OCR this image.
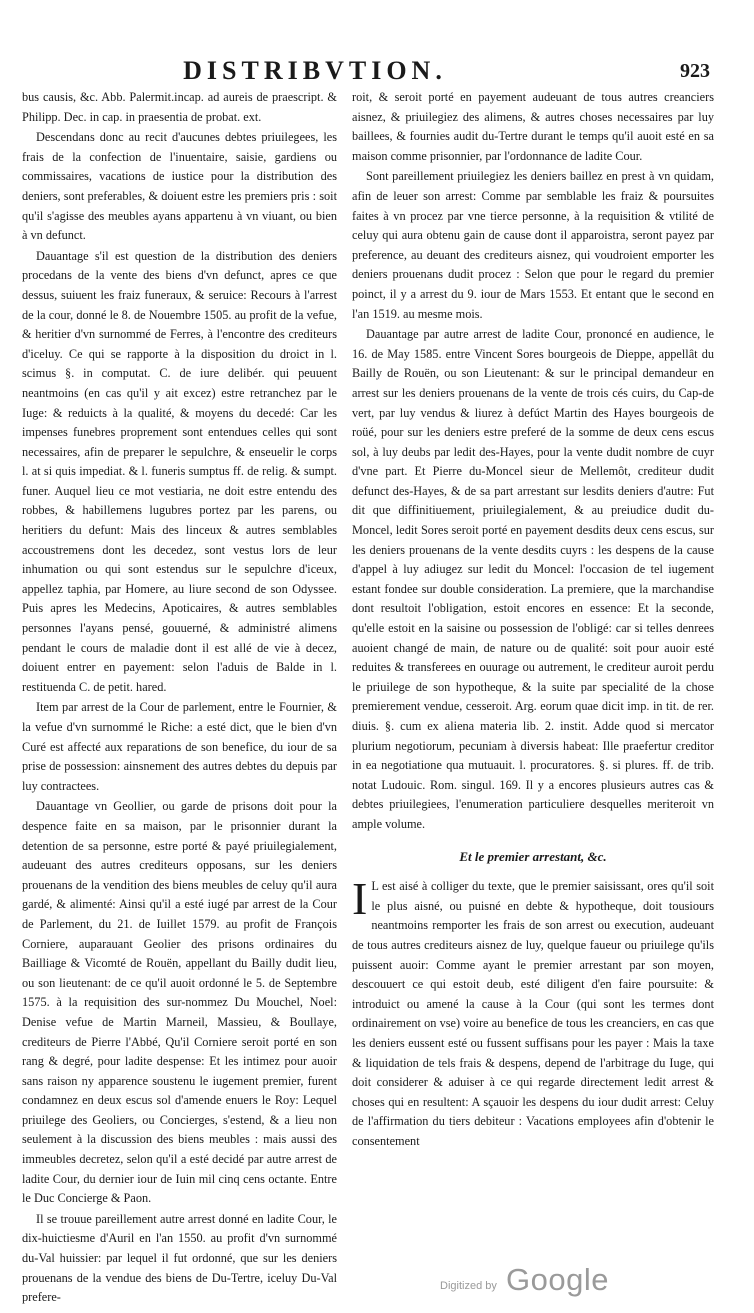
DISTRIBVTION.	923

bus causis, &c. Abb. Palermit.incap. ad aureis de praescript. & Philipp. Dec. in cap. in praesentia de probat. ext.

Descendans donc au recit d'aucunes debtes priuilegees, les frais de la confection de l'inuentaire, saisie, gardiens ou commissaires, vacations de iustice pour la distribution des deniers, sont preferables, & doiuent estre les premiers pris : soit qu'il s'agisse des meubles ayans appartenu à vn viuant, ou bien à vn defunct.

Dauantage s'il est question de la distribution des deniers procedans de la vente des biens d'vn defunct, apres ce que dessus, suiuent les fraiz funeraux, & seruice: Recours à l'arrest de la cour, donné le 8. de Nouembre 1505. au profit de la vefue, & heritier d'vn surnommé de Ferres, à l'encontre des crediteurs d'iceluy. Ce qui se rapporte à la disposition du droict in l. scimus §. in computat. C. de iure delibér. qui peuuent neantmoins (en cas qu'il y ait excez) estre retranchez par le Iuge: & reduicts à la qualité, & moyens du decedé: Car les impenses funebres proprement sont entendues celles qui sont necessaires, afin de preparer le sepulchre, & enseuelir le corps l. at si quis impediat. & l. funeris sumptus ff. de relig. & sumpt. funer. Auquel lieu ce mot vestiaria, ne doit estre entendu des robbes, & habillemens lugubres portez par les parens, ou heritiers du defunt: Mais des linceux & autres semblables accoustremens dont les decedez, sont vestus lors de leur inhumation ou qui sont estendus sur le sepulchre d'iceux, appellez taphia, par Homere, au liure second de son Odyssee. Puis apres les Medecins, Apoticaires, & autres semblables personnes l'ayans pensé, gouuerné, & administré alimens pendant le cours de maladie dont il est allé de vie à decez, doiuent entrer en payement: selon l'aduis de Balde in l. restituenda C. de petit. hared.

Item par arrest de la Cour de parlement, entre le Fournier, & la vefue d'vn surnommé le Riche: a esté dict, que le bien d'vn Curé est affecté aux reparations de son benefice, du iour de sa prise de possession: ainsnement des autres debtes du depuis par luy contractees.

Dauantage vn Geollier, ou garde de prisons doit pour la despence faite en sa maison, par le prisonnier durant la detention de sa personne, estre porté & payé priuilegialement, audeuant des autres crediteurs opposans, sur les deniers prouenans de la vendition des biens meubles de celuy qu'il aura gardé, & alimenté: Ainsi qu'il a esté iugé par arrest de la Cour de Parlement, du 21. de Iuillet 1579. au profit de François Corniere, auparauant Geolier des prisons ordinaires du Bailliage & Vicomté de Rouën, appellant du Bailly dudit lieu, ou son lieutenant: de ce qu'il auoit ordonné le 5. de Septembre 1575. à la requisition des sur-nommez Du Mouchel, Noel: Denise vefue de Martin Marneil, Massieu, & Boullaye, crediteurs de Pierre l'Abbé, Qu'il Corniere seroit porté en son rang & degré, pour ladite despense: Et les intimez pour auoir sans raison ny apparence soustenu le iugement premier, furent condamnez en deux escus sol d'amende enuers le Roy: Lequel priuilege des Geoliers, ou Concierges, s'estend, & a lieu non seulement à la discussion des biens meubles : mais aussi des immeubles decretez, selon qu'il a esté decidé par autre arrest de ladite Cour, du dernier iour de Iuin mil cinq cens octante. Entre le Duc Concierge & Paon.

Il se trouue pareillement autre arrest donné en ladite Cour, le dix-huictiesme d'Auril en l'an 1550. au profit d'vn surnommé du-Val huissier: par lequel il fut ordonné, que sur les deniers prouenans de la vendue des biens de Du-Tertre, iceluy Du-Val prefere-

roit, & seroit porté en payement audeuant de tous autres creanciers aisnez, & priuilegiez des alimens, & autres choses necessaires par luy baillees, & fournies audit du-Tertre durant le temps qu'il auoit esté en sa maison comme prisonnier, par l'ordonnance de ladite Cour.

Sont pareillement priuilegiez les deniers baillez en prest à vn quidam, afin de leuer son arrest: Comme par semblable les fraiz & poursuites faites à vn procez par vne tierce personne, à la requisition & vtilité de celuy qui aura obtenu gain de cause dont il apparoistra, seront payez par preference, au deuant des crediteurs aisnez, qui voudroient emporter les deniers prouenans dudit procez : Selon que pour le regard du premier poinct, il y a arrest du 9. iour de Mars 1553. Et entant que le second en l'an 1519. au mesme mois.

Dauantage par autre arrest de ladite Cour, prononcé en audience, le 16. de May 1585. entre Vincent Sores bourgeois de Dieppe, appellât du Bailly de Rouën, ou son Lieutenant: & sur le principal demandeur en arrest sur les deniers prouenans de la vente de trois cés cuirs, du Cap-de vert, par luy vendus & liurez à defúct Martin des Hayes bourgeois de roüé, pour sur les deniers estre preferé de la somme de deux cens escus sol, à luy deubs par ledit des-Hayes, pour la vente dudit nombre de cuyr d'vne part. Et Pierre du-Moncel sieur de Mellemôt, crediteur dudit defunct des-Hayes, & de sa part arrestant sur lesdits deniers d'autre: Fut dit que diffinitiuement, priuilegialement, & au preiudice dudit du-Moncel, ledit Sores seroit porté en payement desdits deux cens escus, sur les deniers prouenans de la vente desdits cuyrs : les despens de la cause d'appel à luy adiugez sur ledit du Moncel: l'occasion de tel iugement estant fondee sur double consideration. La premiere, que la marchandise dont resultoit l'obligation, estoit encores en essence: Et la seconde, qu'elle estoit en la saisine ou possession de l'obligé: car si telles denrees auoient changé de main, de nature ou de qualité: soit pour auoir esté reduites & transferees en ouurage ou autrement, le crediteur auroit perdu le priuilege de son hypotheque, & la suite par specialité de la chose premierement vendue, cesseroit. Arg. eorum quae dicit imp. in tit. de rer. diuis. §. cum ex aliena materia lib. 2. instit. Adde quod si mercator plurium negotiorum, pecuniam à diversis habeat: Ille praefertur creditor in ea negotiatione qua mutuauit. l. procuratores. §. si plures. ff. de trib. notat Ludouic. Rom. singul. 169. Il y a encores plusieurs autres cas & debtes priuilegiees, l'enumeration particuliere desquelles meriteroit vn ample volume.

Et le premier arrestant, &c.

I L est aisé à colliger du texte, que le premier saisissant, ores qu'il soit le plus aisné, ou puisné en debte & hypotheque, doit tousiours neantmoins remporter les frais de son arrest ou execution, audeuant de tous autres crediteurs aisnez de luy, quelque faueur ou priuilege qu'ils puissent auoir: Comme ayant le premier arrestant par son moyen, descouuert ce qui estoit deub, esté diligent d'en faire poursuite: & introduict ou amené la cause à la Cour (qui sont les termes dont ordinairement on vse) voire au benefice de tous les creanciers, en cas que les deniers eussent esté ou fussent suffisans pour les payer : Mais la taxe & liquidation de tels frais & despens, depend de l'arbitrage du Iuge, qui doit considerer & aduiser à ce qui regarde directement ledit arrest & choses qui en resultent: A sçauoir les despens du iour dudit arrest: Celuy de l'affirmation du tiers debiteur : Vacations employees afin d'obtenir le consentement

Digitized by Google
